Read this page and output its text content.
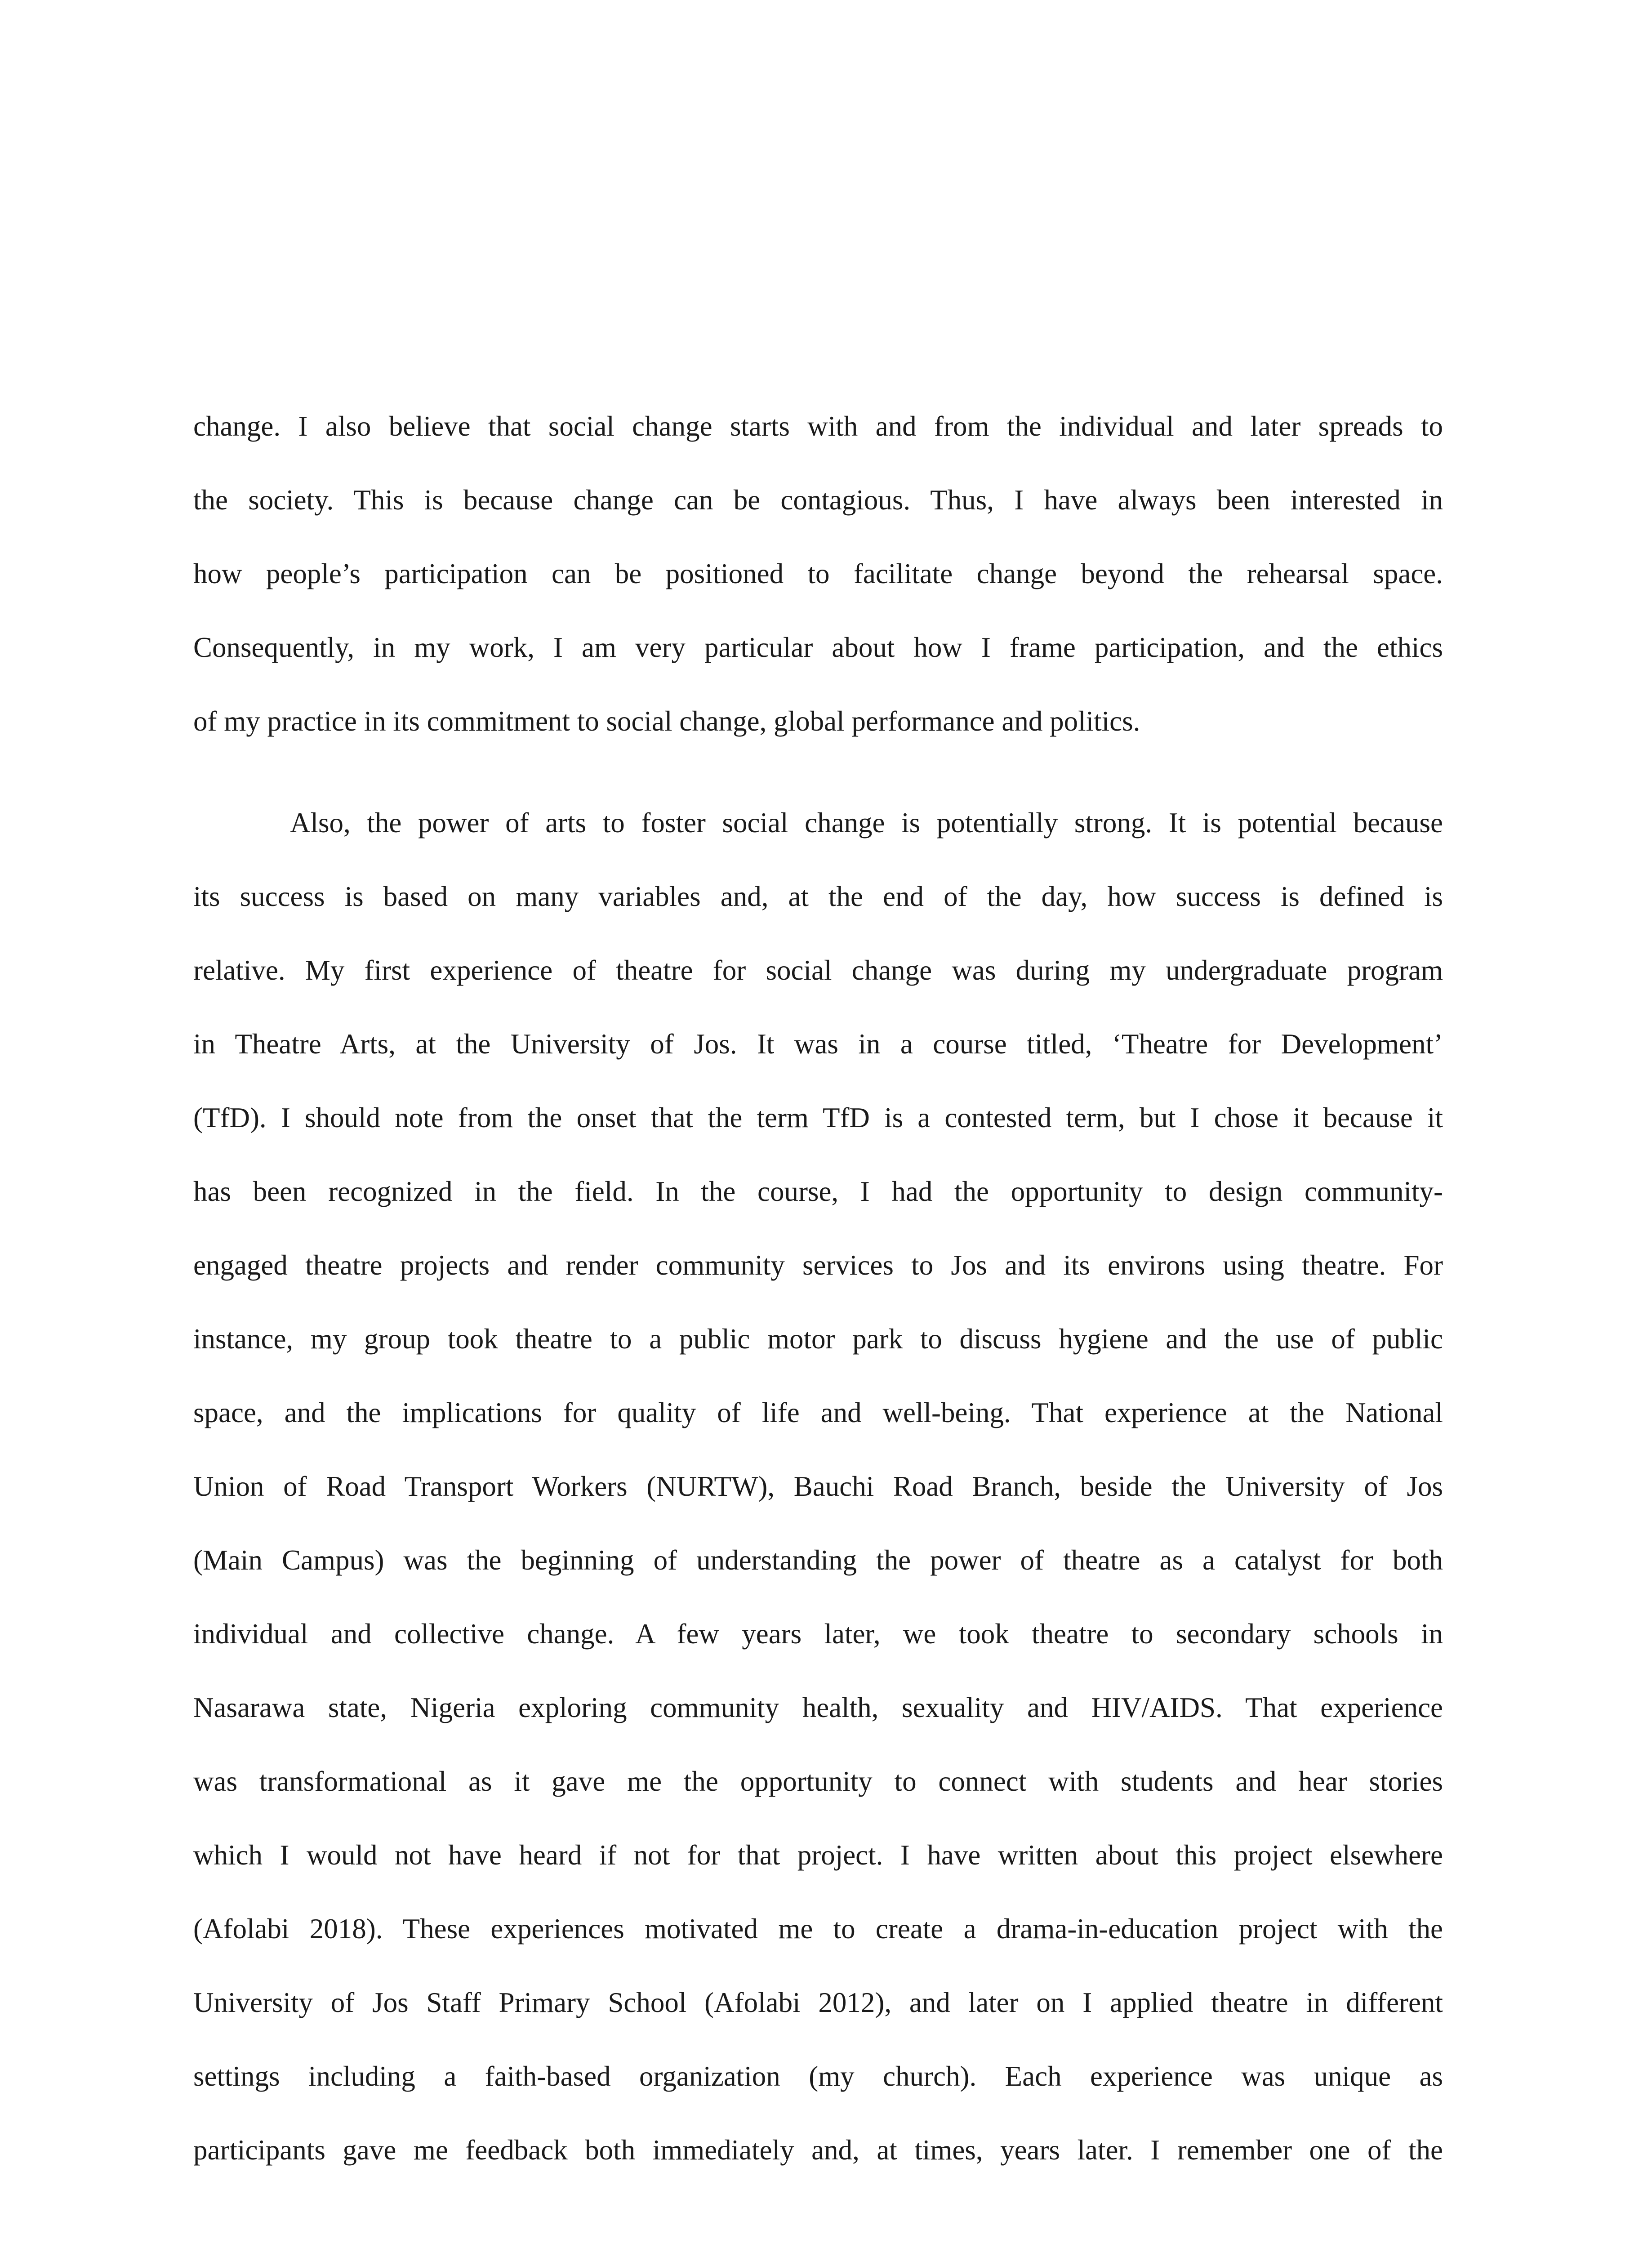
change. I also believe that social change starts with and from the individual and later spreads to
the society. This is because change can be contagious. Thus, I have always been interested in
how people’s participation can be positioned to facilitate change beyond the rehearsal space.
Consequently, in my work, I am very particular about how I frame participation, and the ethics
of my practice in its commitment to social change, global performance and politics.
Also, the power of arts to foster social change is potentially strong. It is potential because
its success is based on many variables and, at the end of the day, how success is defined is
relative. My first experience of theatre for social change was during my undergraduate program
in Theatre Arts, at the University of Jos. It was in a course titled, ‘Theatre for Development’
(TfD). I should note from the onset that the term TfD is a contested term, but I chose it because it
has been recognized in the field. In the course, I had the opportunity to design community-
engaged theatre projects and render community services to Jos and its environs using theatre. For
instance, my group took theatre to a public motor park to discuss hygiene and the use of public
space, and the implications for quality of life and well-being. That experience at the National
Union of Road Transport Workers (NURTW), Bauchi Road Branch, beside the University of Jos
(Main Campus) was the beginning of understanding the power of theatre as a catalyst for both
individual and collective change. A few years later, we took theatre to secondary schools in
Nasarawa state, Nigeria exploring community health, sexuality and HIV/AIDS. That experience
was transformational as it gave me the opportunity to connect with students and hear stories
which I would not have heard if not for that project. I have written about this project elsewhere
(Afolabi 2018). These experiences motivated me to create a drama-in-education project with the
University of Jos Staff Primary School (Afolabi 2012), and later on I applied theatre in different
settings including a faith-based organization (my church). Each experience was unique as
participants gave me feedback both immediately and, at times, years later. I remember one of the
